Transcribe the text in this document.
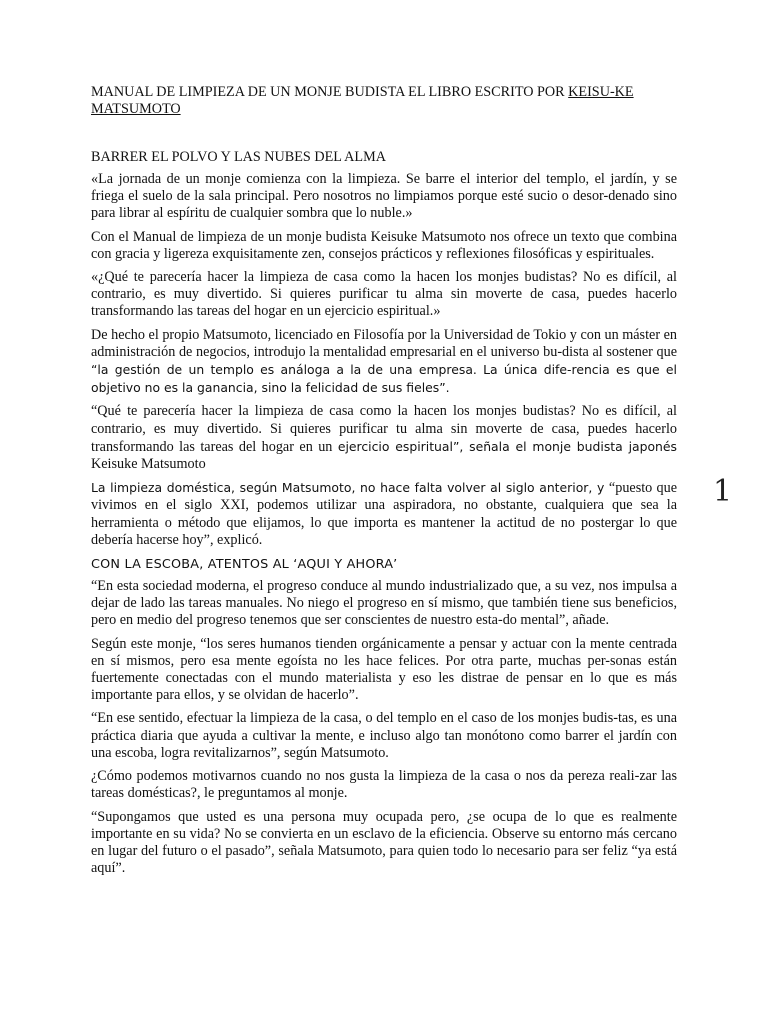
MANUAL DE LIMPIEZA DE UN MONJE BUDISTA EL LIBRO ESCRITO POR KEISU-KE MATSUMOTO

BARRER EL POLVO Y LAS NUBES DEL ALMA

«La jornada de un monje comienza con la limpieza. Se barre el interior del templo, el jardín, y se friega el suelo de la sala principal. Pero nosotros no limpiamos porque esté sucio o desor-denado sino para librar al espíritu de cualquier sombra que lo nuble.»

Con el Manual de limpieza de un monje budista Keisuke Matsumoto nos ofrece un texto que combina con gracia y ligereza exquisitamente zen, consejos prácticos y reflexiones filosóficas y espirituales.

«¿Qué te parecería hacer la limpieza de casa como la hacen los monjes budistas? No es difícil, al contrario, es muy divertido. Si quieres purificar tu alma sin moverte de casa, puedes hacerlo transformando las tareas del hogar en un ejercicio espiritual.»

De hecho el propio Matsumoto, licenciado en Filosofía por la Universidad de Tokio y con un máster en administración de negocios, introdujo la mentalidad empresarial en el universo bu-dista al sostener que “la gestión de un templo es análoga a la de una empresa. La única dife-rencia es que el objetivo no es la ganancia, sino la felicidad de sus fieles”.

“Qué te parecería hacer la limpieza de casa como la hacen los monjes budistas? No es difícil, al contrario, es muy divertido. Si quieres purificar tu alma sin moverte de casa, puedes hacerlo transformando las tareas del hogar en un ejercicio espiritual”, señala el monje budista japonés Keisuke Matsumoto

La limpieza doméstica, según Matsumoto, no hace falta volver al siglo anterior, y “puesto que vivimos en el siglo XXI, podemos utilizar una aspiradora, no obstante, cualquiera que sea la herramienta o método que elijamos, lo que importa es mantener la actitud de no postergar lo que debería hacerse hoy”, explicó.

CON LA ESCOBA, ATENTOS AL ‘AQUI Y AHORA’

“En esta sociedad moderna, el progreso conduce al mundo industrializado que, a su vez, nos impulsa a dejar de lado las tareas manuales. No niego el progreso en sí mismo, que también tiene sus beneficios, pero en medio del progreso tenemos que ser conscientes de nuestro esta-do mental”, añade.

Según este monje, “los seres humanos tienden orgánicamente a pensar y actuar con la mente centrada en sí mismos, pero esa mente egoísta no les hace felices. Por otra parte, muchas per-sonas están fuertemente conectadas con el mundo materialista y eso les distrae de pensar en lo que es más importante para ellos, y se olvidan de hacerlo”.

“En ese sentido, efectuar la limpieza de la casa, o del templo en el caso de los monjes budis-tas, es una práctica diaria que ayuda a cultivar la mente, e incluso algo tan monótono como barrer el jardín con una escoba, logra revitalizarnos”, según Matsumoto.

¿Cómo podemos motivarnos cuando no nos gusta la limpieza de la casa o nos da pereza reali-zar las tareas domésticas?, le preguntamos al monje.

“Supongamos que usted es una persona muy ocupada pero, ¿se ocupa de lo que es realmente importante en su vida? No se convierta en un esclavo de la eficiencia. Observe su entorno más cercano en lugar del futuro o el pasado”, señala Matsumoto, para quien todo lo necesario para ser feliz “ya está aquí”.

1
